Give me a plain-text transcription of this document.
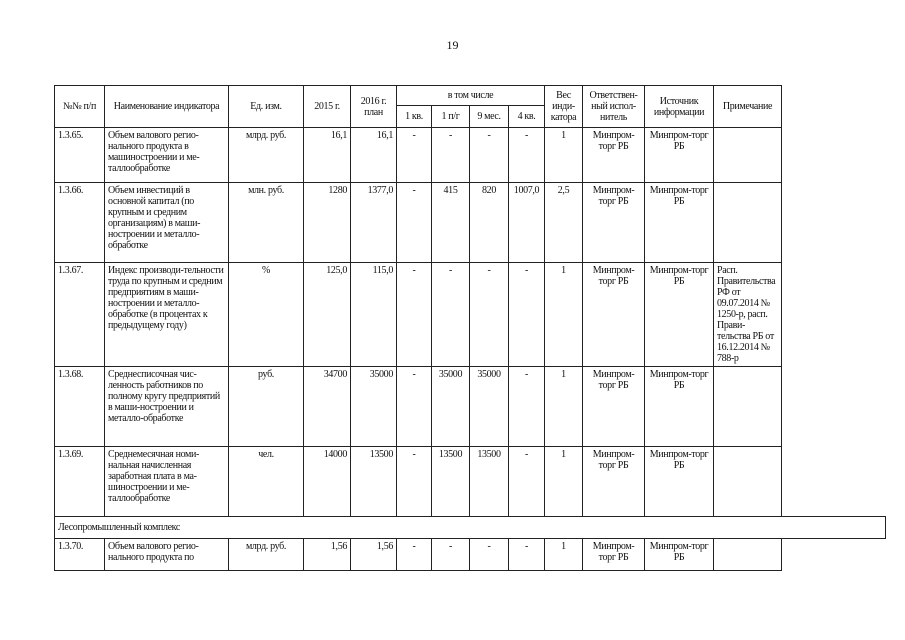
19
№№ п/п	Наименование индикатора	Ед. изм.	2015 г.	2016 г. план	в том числе				Вес инди-катора	Ответствен-ный испол-нитель	Источник информации	Примечание
					1 кв.	1 п/г	9 мес.	4 кв.				
1.3.65.	Объем валового регио-нального продукта в машиностроении и ме-таллообработке	млрд. руб.	16,1	16,1	-	-	-	-	1	Минпром-торг РБ	Минпром-торг РБ	
1.3.66.	Объем инвестиций в основной капитал (по крупным и средним организациям) в маши-ностроении и металло-обработке	млн. руб.	1280	1377,0	-	415	820	1007,0	2,5	Минпром-торг РБ	Минпром-торг РБ	
1.3.67.	Индекс производи-тельности труда по крупным и средним предприятиям в маши-ностроении и металло-обработке (в процентах к предыдущему году)	%	125,0	115,0	-	-	-	-	1	Минпром-торг РБ	Минпром-торг РБ	Расп. Правительства РФ от 09.07.2014 № 1250-р, расп. Прави-тельства РБ от 16.12.2014 № 788-р
1.3.68.	Среднесписочная чис-ленность работников по полному кругу предприятий в маши-ностроении и металло-обработке	руб.	34700	35000	-	35000	35000	-	1	Минпром-торг РБ	Минпром-торг РБ	
1.3.69.	Среднемесячная номи-нальная начисленная заработная плата в ма-шиностроении и ме-таллообработке	чел.	14000	13500	-	13500	13500	-	1	Минпром-торг РБ	Минпром-торг РБ	
Лесопромышленный комплекс												
1.3.70.	Объем валового регио-нального продукта по	млрд. руб.	1,56	1,56	-	-	-	-	1	Минпром-торг РБ	Минпром-торг РБ	
